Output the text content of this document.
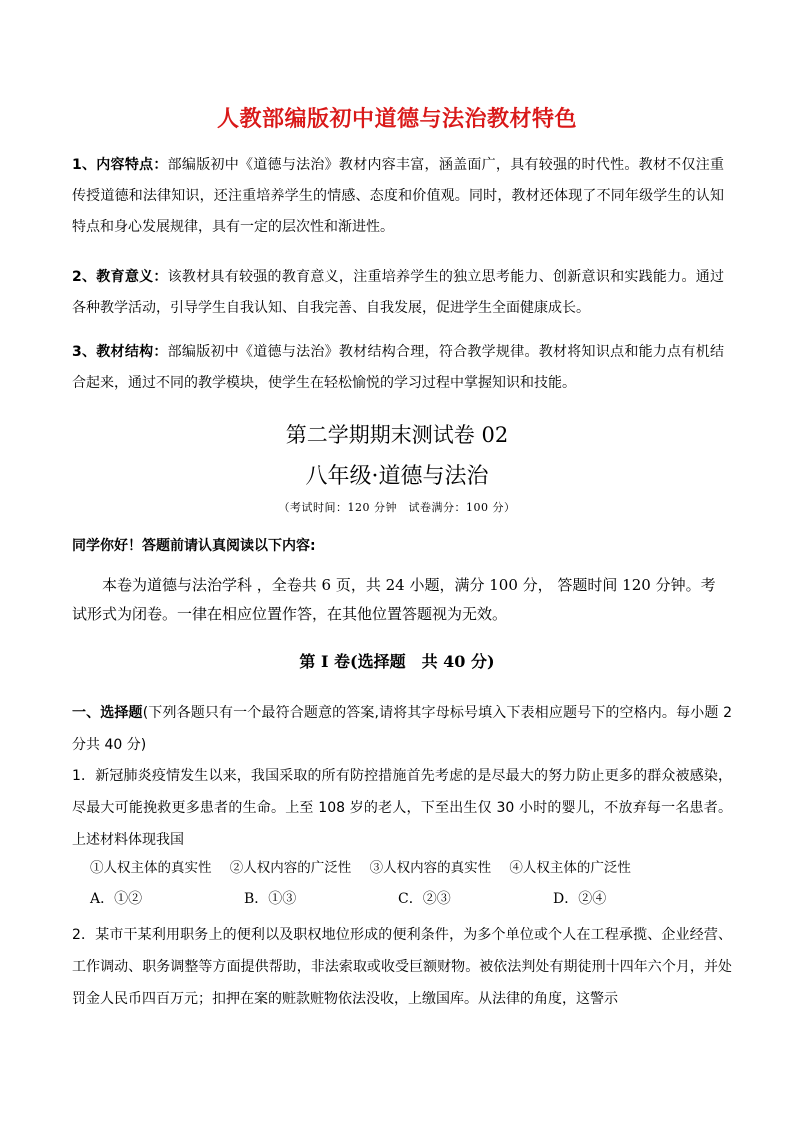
人教部编版初中道德与法治教材特色
1、内容特点：部编版初中《道德与法治》教材内容丰富，涵盖面广，具有较强的时代性。教材不仅注重传授道德和法律知识，还注重培养学生的情感、态度和价值观。同时，教材还体现了不同年级学生的认知特点和身心发展规律，具有一定的层次性和渐进性。
2、教育意义：该教材具有较强的教育意义，注重培养学生的独立思考能力、创新意识和实践能力。通过各种教学活动，引导学生自我认知、自我完善、自我发展，促进学生全面健康成长。
3、教材结构：部编版初中《道德与法治》教材结构合理，符合教学规律。教材将知识点和能力点有机结合起来，通过不同的教学模块，使学生在轻松愉悦的学习过程中掌握知识和技能。
第二学期期末测试卷 02
八年级·道德与法治
（考试时间：120 分钟　试卷满分：100 分）
同学你好！答题前请认真阅读以下内容:
本卷为道德与法治学科 ，全卷共 6 页，共 24 小题，满分 100 分， 答题时间 120 分钟。考试形式为闭卷。一律在相应位置作答，在其他位置答题视为无效。
第 I 卷(选择题　共 40 分)
一、选择题(下列各题只有一个最符合题意的答案,请将其字母标号填入下表相应题号下的空格内。每小题 2 分共 40 分)
1．新冠肺炎疫情发生以来，我国采取的所有防控措施首先考虑的是尽最大的努力防止更多的群众被感染，尽最大可能挽救更多患者的生命。上至 108 岁的老人，下至出生仅 30 小时的婴儿，不放弃每一名患者。上述材料体现我国
①人权主体的真实性 ②人权内容的广泛性 ③人权内容的真实性 ④人权主体的广泛性
A．①②	B．①③	C．②③	D．②④
2．某市干某利用职务上的便利以及职权地位形成的便利条件，为多个单位或个人在工程承揽、企业经营、工作调动、职务调整等方面提供帮助，非法索取或收受巨额财物。被依法判处有期徒刑十四年六个月，并处罚金人民币四百万元；扣押在案的赃款赃物依法没收，上缴国库。从法律的角度，这警示
